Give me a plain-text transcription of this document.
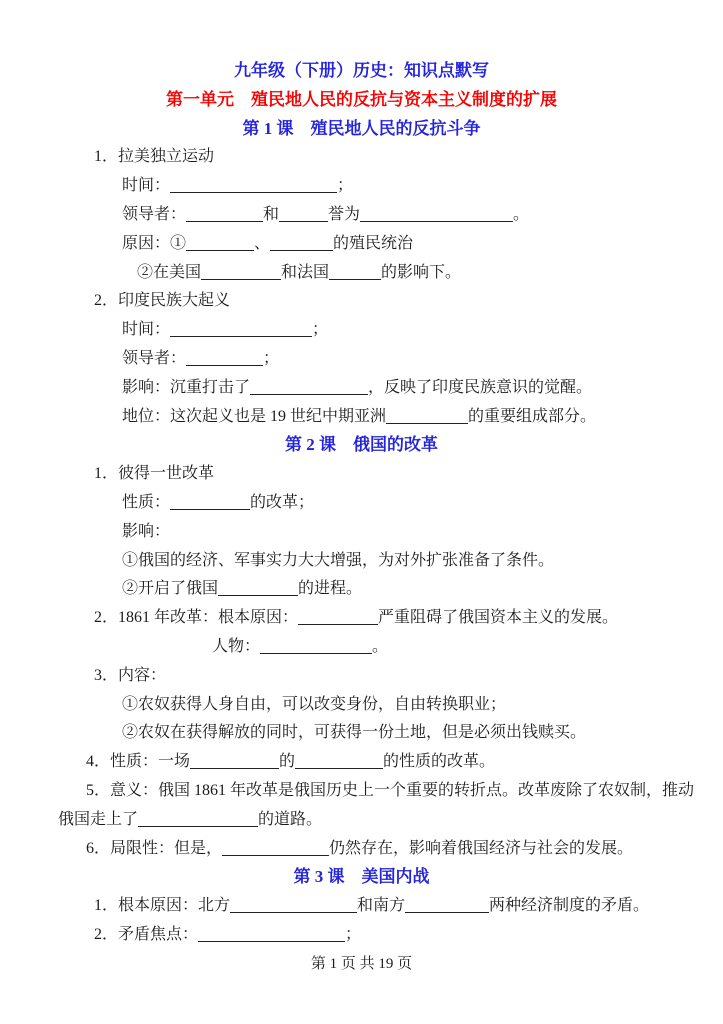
九年级（下册）历史：知识点默写
第一单元　殖民地人民的反抗与资本主义制度的扩展
第 1 课　殖民地人民的反抗斗争
1．拉美独立运动
时间：	；
领导者：	和	誉为	。
原因：①	、	的殖民统治
②在美国	和法国	的影响下。
2．印度民族大起义
时间：	；
领导者：	；
影响：沉重打击了	，反映了印度民族意识的觉醒。
地位：这次起义也是 19 世纪中期亚洲	的重要组成部分。
第 2 课　俄国的改革
1．彼得一世改革
性质：	的改革；
影响：
①俄国的经济、军事实力大大增强，为对外扩张准备了条件。
②开启了俄国	的进程。
2．1861 年改革：根本原因：	严重阻碍了俄国资本主义的发展。
人物：	。
3．内容：
①农奴获得人身自由，可以改变身份，自由转换职业；
②农奴在获得解放的同时，可获得一份土地，但是必须出钱赎买。
4．性质：一场	的	的性质的改革。
5．意义：俄国 1861 年改革是俄国历史上一个重要的转折点。改革废除了农奴制，推动
俄国走上了	的道路。
6．局限性：但是，	仍然存在，影响着俄国经济与社会的发展。
第 3 课　美国内战
1．根本原因：北方	和南方	两种经济制度的矛盾。
2．矛盾焦点：	；
第 1 页 共 19 页
